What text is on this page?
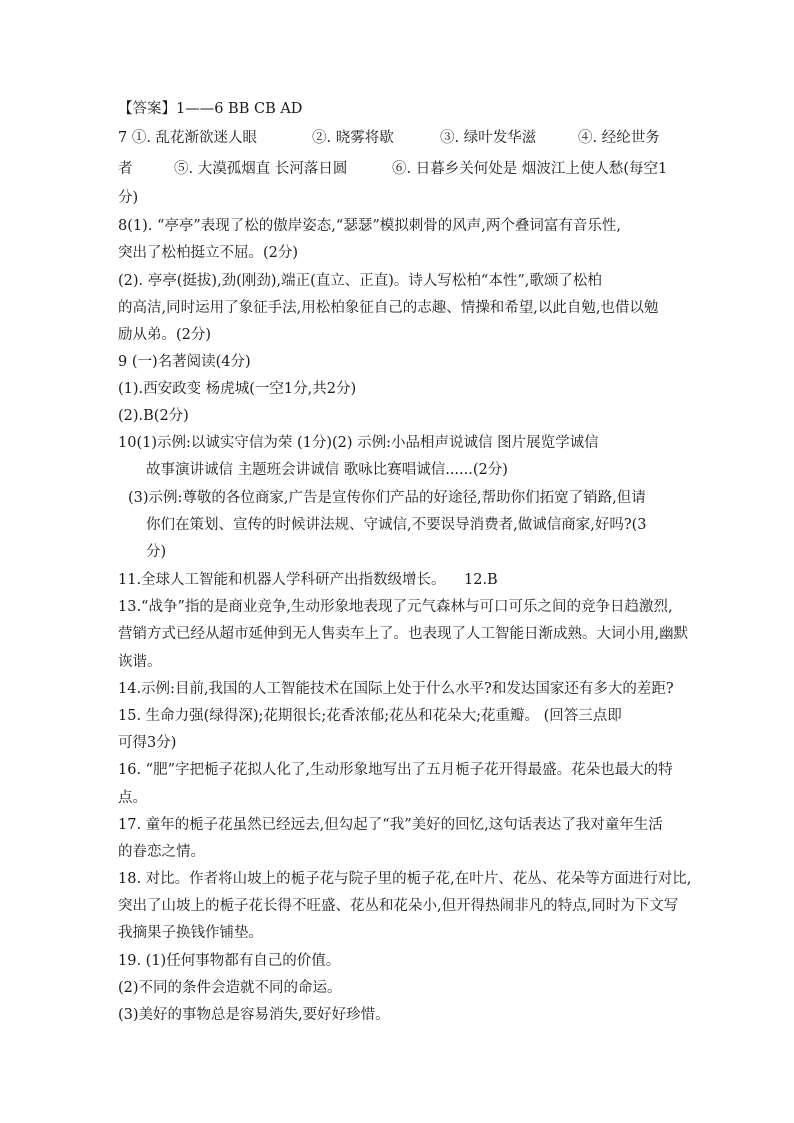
【答案】1——6 BB CB AD

7 ①. 乱花渐欲迷人眼	②. 晓雾将歇	③. 绿叶发华滋	④. 经纶世务
者	⑤. 大漠孤烟直 长河落日圆	⑥. 日暮乡关何处是 烟波江上使人愁(每空1

分)

8(1). “亭亭”表现了松的傲岸姿态,“瑟瑟”模拟刺骨的风声,两个叠词富有音乐性,

突出了松柏挺立不屈。(2分)

(2). 亭亭(挺拔),劲(刚劲),端正(直立、正直)。诗人写松柏“本性”,歌颂了松柏

的高洁,同时运用了象征手法,用松柏象征自己的志趣、情操和希望,以此自勉,也借以勉

励从弟。(2分)

9 (一)名著阅读(4分)

(1).西安政变 杨虎城(一空1分,共2分)

(2).B(2分)

10(1)示例:以诚实守信为荣 (1分)(2) 示例:小品相声说诚信 图片展览学诚信

故事演讲诚信 主题班会讲诚信 歌咏比赛唱诚信......(2分)

(3)示例:尊敬的各位商家,广告是宣传你们产品的好途径,帮助你们拓宽了销路,但请

你们在策划、宣传的时候讲法规、守诚信,不要误导消费者,做诚信商家,好吗?(3

分)

11.全球人工智能和机器人学科研产出指数级增长。 12.B

13.“战争”指的是商业竞争,生动形象地表现了元气森林与可口可乐之间的竞争日趋激烈,

营销方式已经从超市延伸到无人售卖车上了。也表现了人工智能日渐成熟。大词小用,幽默

诙谐。

14.示例:目前,我国的人工智能技术在国际上处于什么水平?和发达国家还有多大的差距?

15. 生命力强(绿得深);花期很长;花香浓郁;花丛和花朵大;花重瓣。 (回答三点即

可得3分)

16. “肥”字把栀子花拟人化了,生动形象地写出了五月栀子花开得最盛。花朵也最大的特

点。

17. 童年的栀子花虽然已经远去,但勾起了“我”美好的回忆,这句话表达了我对童年生活

的眷恋之情。

18. 对比。作者将山坡上的栀子花与院子里的栀子花,在叶片、花丛、花朵等方面进行对比,

突出了山坡上的栀子花长得不旺盛、花丛和花朵小,但开得热闹非凡的特点,同时为下文写

我摘果子换钱作铺垫。

19. (1)任何事物都有自己的价值。

(2)不同的条件会造就不同的命运。

(3)美好的事物总是容易消失,要好好珍惜。
